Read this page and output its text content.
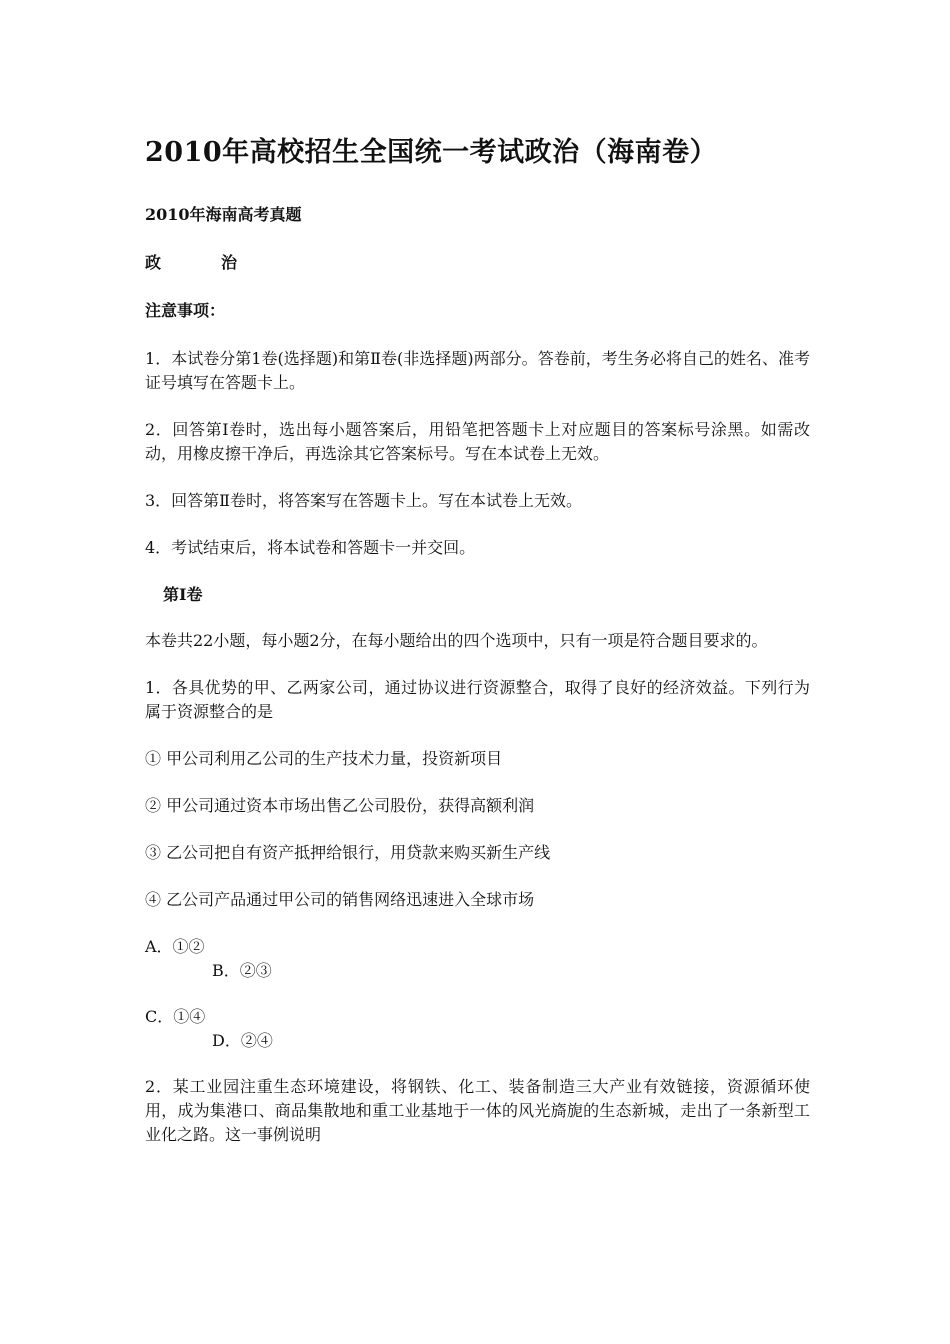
2010年高校招生全国统一考试政治（海南卷）
2010年海南高考真题
政	治
注意事项：
1．本试卷分第1卷(选择题)和第Ⅱ卷(非选择题)两部分。答卷前，考生务必将自己的姓名、准考证号填写在答题卡上。
2．回答第Ⅰ卷时，选出每小题答案后，用铅笔把答题卡上对应题目的答案标号涂黑。如需改动，用橡皮擦干净后，再选涂其它答案标号。写在本试卷上无效。
3．回答第Ⅱ卷时，将答案写在答题卡上。写在本试卷上无效。
4．考试结束后，将本试卷和答题卡一并交回。
第Ⅰ卷
本卷共22小题，每小题2分，在每小题给出的四个选项中，只有一项是符合题目要求的。
1．各具优势的甲、乙两家公司，通过协议进行资源整合，取得了良好的经济效益。下列行为属于资源整合的是
① 甲公司利用乙公司的生产技术力量，投资新项目
② 甲公司通过资本市场出售乙公司股份，获得高额利润
③ 乙公司把自有资产抵押给银行，用贷款来购买新生产线
④ 乙公司产品通过甲公司的销售网络迅速进入全球市场
A．①②
B．②③
C．①④
D．②④
2．某工业园注重生态环境建设，将钢铁、化工、装备制造三大产业有效链接，资源循环使用，成为集港口、商品集散地和重工业基地于一体的风光旖旎的生态新城，走出了一条新型工业化之路。这一事例说明
